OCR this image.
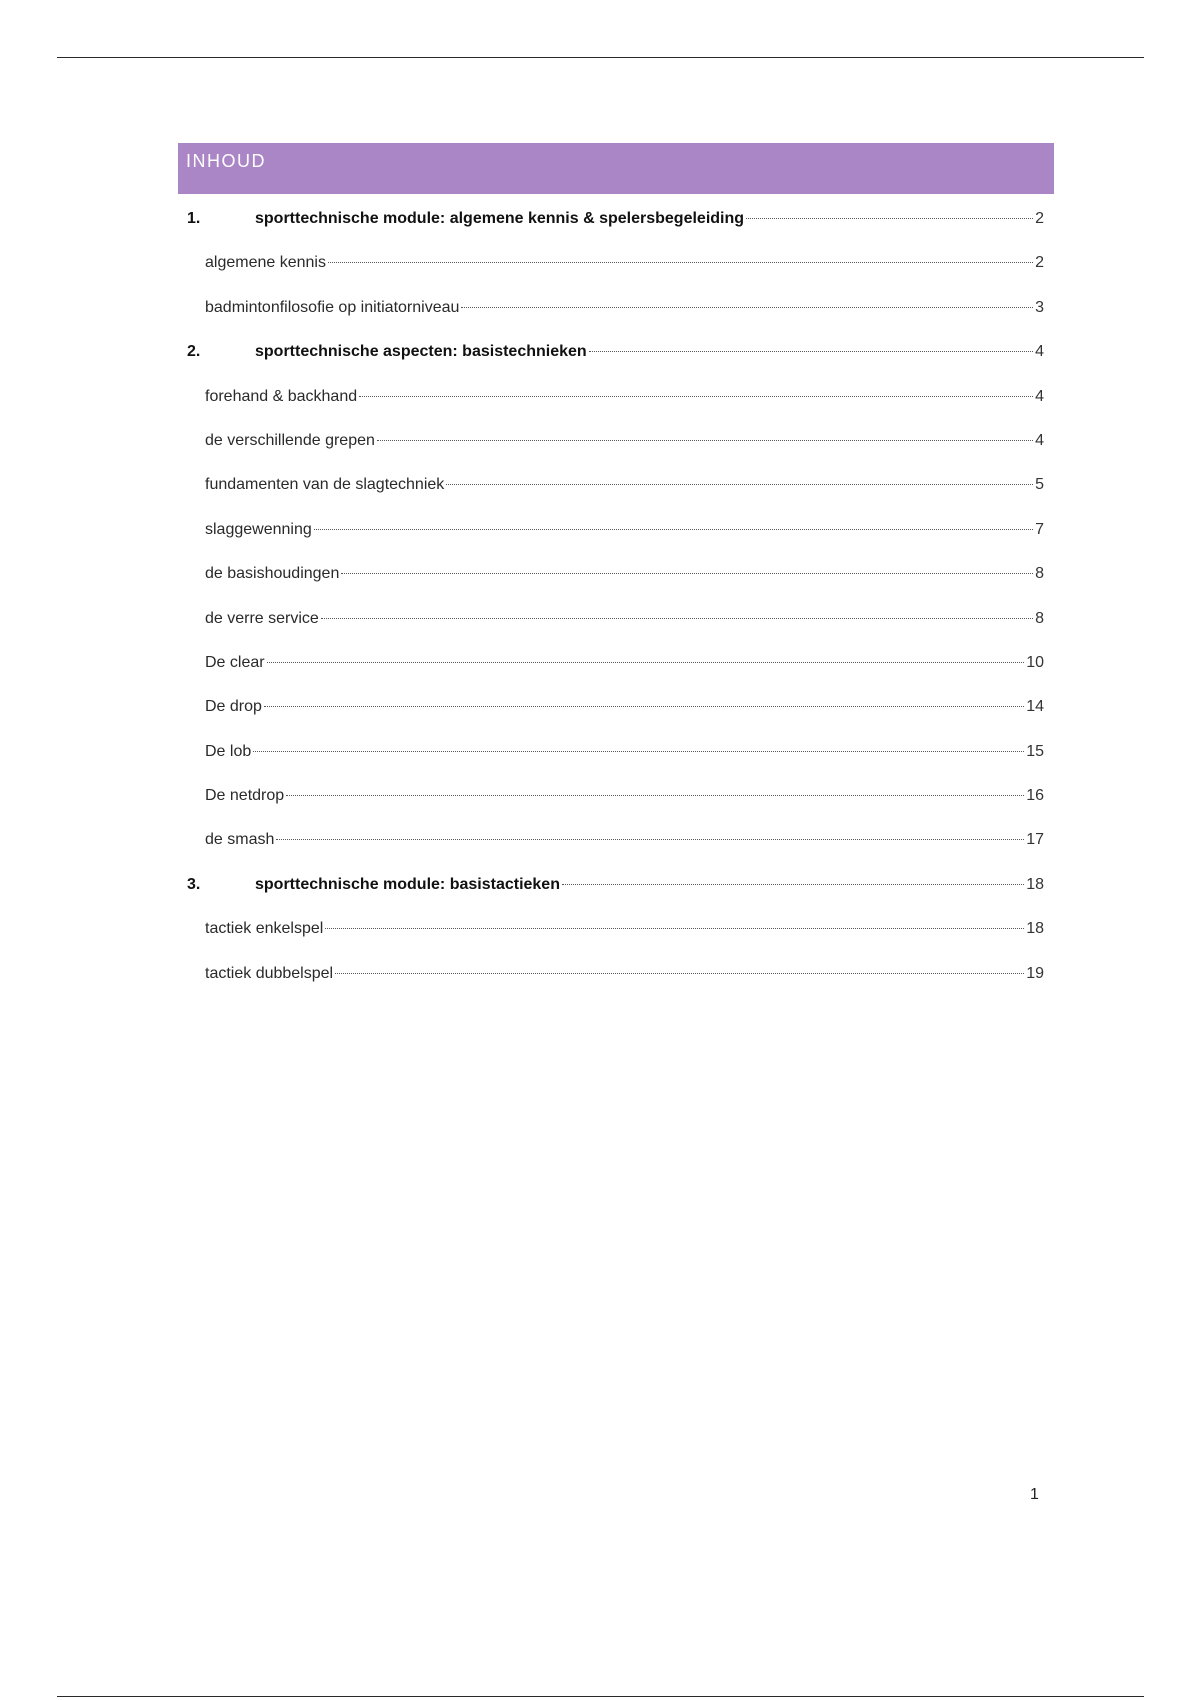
INHOUD
1.	sporttechnische module: algemene kennis & spelersbegeleiding	2
algemene kennis	2
badmintonfilosofie op initiatorniveau	3
2.	sporttechnische aspecten: basistechnieken	4
forehand & backhand	4
de verschillende grepen	4
fundamenten van de slagtechniek	5
slaggewenning	7
de basishoudingen	8
de verre service	8
De clear	10
De drop	14
De lob	15
De netdrop	16
de smash	17
3.	sporttechnische module: basistactieken	18
tactiek enkelspel	18
tactiek dubbelspel	19
1
